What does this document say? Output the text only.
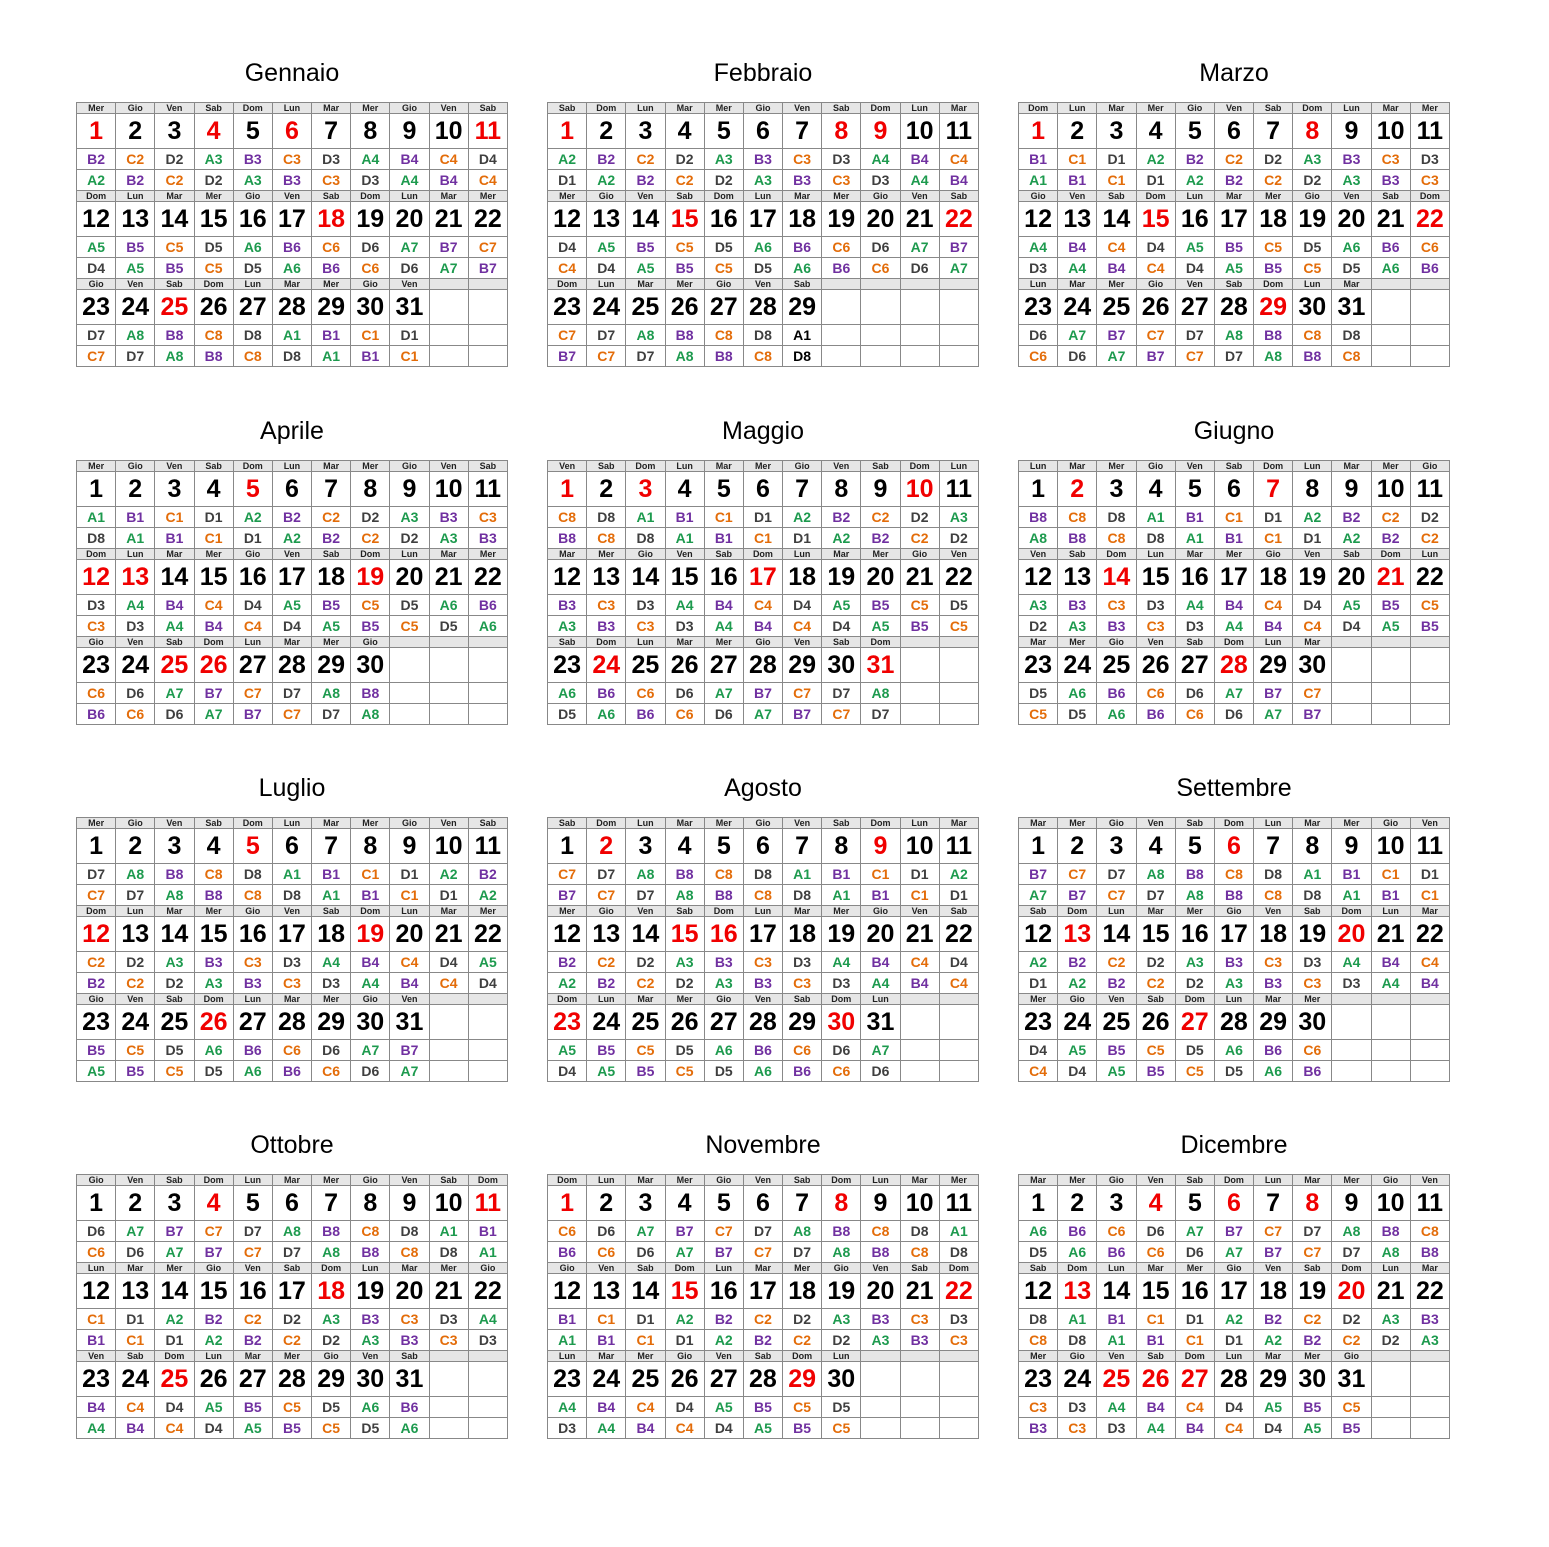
Gennaio
Mer	Gio	Ven	Sab	Dom	Lun	Mar	Mer	Gio	Ven	Sab
1	2	3	4	5	6	7	8	9	10	11
B2	C2	D2	A3	B3	C3	D3	A4	B4	C4	D4
A2	B2	C2	D2	A3	B3	C3	D3	A4	B4	C4
Dom	Lun	Mar	Mer	Gio	Ven	Sab	Dom	Lun	Mar	Mer
12	13	14	15	16	17	18	19	20	21	22
A5	B5	C5	D5	A6	B6	C6	D6	A7	B7	C7
D4	A5	B5	C5	D5	A6	B6	C6	D6	A7	B7
Gio	Ven	Sab	Dom	Lun	Mar	Mer	Gio	Ven		
23	24	25	26	27	28	29	30	31		
D7	A8	B8	C8	D8	A1	B1	C1	D1		
C7	D7	A8	B8	C8	D8	A1	B1	C1		
Febbraio
Sab	Dom	Lun	Mar	Mer	Gio	Ven	Sab	Dom	Lun	Mar
1	2	3	4	5	6	7	8	9	10	11
A2	B2	C2	D2	A3	B3	C3	D3	A4	B4	C4
D1	A2	B2	C2	D2	A3	B3	C3	D3	A4	B4
Mer	Gio	Ven	Sab	Dom	Lun	Mar	Mer	Gio	Ven	Sab
12	13	14	15	16	17	18	19	20	21	22
D4	A5	B5	C5	D5	A6	B6	C6	D6	A7	B7
C4	D4	A5	B5	C5	D5	A6	B6	C6	D6	A7
Dom	Lun	Mar	Mer	Gio	Ven	Sab				
23	24	25	26	27	28	29				
C7	D7	A8	B8	C8	D8	A1				
B7	C7	D7	A8	B8	C8	D8				
Marzo
Dom	Lun	Mar	Mer	Gio	Ven	Sab	Dom	Lun	Mar	Mer
1	2	3	4	5	6	7	8	9	10	11
B1	C1	D1	A2	B2	C2	D2	A3	B3	C3	D3
A1	B1	C1	D1	A2	B2	C2	D2	A3	B3	C3
Gio	Ven	Sab	Dom	Lun	Mar	Mer	Gio	Ven	Sab	Dom
12	13	14	15	16	17	18	19	20	21	22
A4	B4	C4	D4	A5	B5	C5	D5	A6	B6	C6
D3	A4	B4	C4	D4	A5	B5	C5	D5	A6	B6
Lun	Mar	Mer	Gio	Ven	Sab	Dom	Lun	Mar		
23	24	25	26	27	28	29	30	31		
D6	A7	B7	C7	D7	A8	B8	C8	D8		
C6	D6	A7	B7	C7	D7	A8	B8	C8		
Aprile
Mer	Gio	Ven	Sab	Dom	Lun	Mar	Mer	Gio	Ven	Sab
1	2	3	4	5	6	7	8	9	10	11
A1	B1	C1	D1	A2	B2	C2	D2	A3	B3	C3
D8	A1	B1	C1	D1	A2	B2	C2	D2	A3	B3
Dom	Lun	Mar	Mer	Gio	Ven	Sab	Dom	Lun	Mar	Mer
12	13	14	15	16	17	18	19	20	21	22
D3	A4	B4	C4	D4	A5	B5	C5	D5	A6	B6
C3	D3	A4	B4	C4	D4	A5	B5	C5	D5	A6
Gio	Ven	Sab	Dom	Lun	Mar	Mer	Gio			
23	24	25	26	27	28	29	30			
C6	D6	A7	B7	C7	D7	A8	B8			
B6	C6	D6	A7	B7	C7	D7	A8			
Maggio
Ven	Sab	Dom	Lun	Mar	Mer	Gio	Ven	Sab	Dom	Lun
1	2	3	4	5	6	7	8	9	10	11
C8	D8	A1	B1	C1	D1	A2	B2	C2	D2	A3
B8	C8	D8	A1	B1	C1	D1	A2	B2	C2	D2
Mar	Mer	Gio	Ven	Sab	Dom	Lun	Mar	Mer	Gio	Ven
12	13	14	15	16	17	18	19	20	21	22
B3	C3	D3	A4	B4	C4	D4	A5	B5	C5	D5
A3	B3	C3	D3	A4	B4	C4	D4	A5	B5	C5
Sab	Dom	Lun	Mar	Mer	Gio	Ven	Sab	Dom		
23	24	25	26	27	28	29	30	31		
A6	B6	C6	D6	A7	B7	C7	D7	A8		
D5	A6	B6	C6	D6	A7	B7	C7	D7		
Giugno
Lun	Mar	Mer	Gio	Ven	Sab	Dom	Lun	Mar	Mer	Gio
1	2	3	4	5	6	7	8	9	10	11
B8	C8	D8	A1	B1	C1	D1	A2	B2	C2	D2
A8	B8	C8	D8	A1	B1	C1	D1	A2	B2	C2
Ven	Sab	Dom	Lun	Mar	Mer	Gio	Ven	Sab	Dom	Lun
12	13	14	15	16	17	18	19	20	21	22
A3	B3	C3	D3	A4	B4	C4	D4	A5	B5	C5
D2	A3	B3	C3	D3	A4	B4	C4	D4	A5	B5
Mar	Mer	Gio	Ven	Sab	Dom	Lun	Mar			
23	24	25	26	27	28	29	30			
D5	A6	B6	C6	D6	A7	B7	C7			
C5	D5	A6	B6	C6	D6	A7	B7			
Luglio
Mer	Gio	Ven	Sab	Dom	Lun	Mar	Mer	Gio	Ven	Sab
1	2	3	4	5	6	7	8	9	10	11
D7	A8	B8	C8	D8	A1	B1	C1	D1	A2	B2
C7	D7	A8	B8	C8	D8	A1	B1	C1	D1	A2
Dom	Lun	Mar	Mer	Gio	Ven	Sab	Dom	Lun	Mar	Mer
12	13	14	15	16	17	18	19	20	21	22
C2	D2	A3	B3	C3	D3	A4	B4	C4	D4	A5
B2	C2	D2	A3	B3	C3	D3	A4	B4	C4	D4
Gio	Ven	Sab	Dom	Lun	Mar	Mer	Gio	Ven		
23	24	25	26	27	28	29	30	31		
B5	C5	D5	A6	B6	C6	D6	A7	B7		
A5	B5	C5	D5	A6	B6	C6	D6	A7		
Agosto
Sab	Dom	Lun	Mar	Mer	Gio	Ven	Sab	Dom	Lun	Mar
1	2	3	4	5	6	7	8	9	10	11
C7	D7	A8	B8	C8	D8	A1	B1	C1	D1	A2
B7	C7	D7	A8	B8	C8	D8	A1	B1	C1	D1
Mer	Gio	Ven	Sab	Dom	Lun	Mar	Mer	Gio	Ven	Sab
12	13	14	15	16	17	18	19	20	21	22
B2	C2	D2	A3	B3	C3	D3	A4	B4	C4	D4
A2	B2	C2	D2	A3	B3	C3	D3	A4	B4	C4
Dom	Lun	Mar	Mer	Gio	Ven	Sab	Dom	Lun		
23	24	25	26	27	28	29	30	31		
A5	B5	C5	D5	A6	B6	C6	D6	A7		
D4	A5	B5	C5	D5	A6	B6	C6	D6		
Settembre
Mar	Mer	Gio	Ven	Sab	Dom	Lun	Mar	Mer	Gio	Ven
1	2	3	4	5	6	7	8	9	10	11
B7	C7	D7	A8	B8	C8	D8	A1	B1	C1	D1
A7	B7	C7	D7	A8	B8	C8	D8	A1	B1	C1
Sab	Dom	Lun	Mar	Mer	Gio	Ven	Sab	Dom	Lun	Mar
12	13	14	15	16	17	18	19	20	21	22
A2	B2	C2	D2	A3	B3	C3	D3	A4	B4	C4
D1	A2	B2	C2	D2	A3	B3	C3	D3	A4	B4
Mer	Gio	Ven	Sab	Dom	Lun	Mar	Mer			
23	24	25	26	27	28	29	30			
D4	A5	B5	C5	D5	A6	B6	C6			
C4	D4	A5	B5	C5	D5	A6	B6			
Ottobre
Gio	Ven	Sab	Dom	Lun	Mar	Mer	Gio	Ven	Sab	Dom
1	2	3	4	5	6	7	8	9	10	11
D6	A7	B7	C7	D7	A8	B8	C8	D8	A1	B1
C6	D6	A7	B7	C7	D7	A8	B8	C8	D8	A1
Lun	Mar	Mer	Gio	Ven	Sab	Dom	Lun	Mar	Mer	Gio
12	13	14	15	16	17	18	19	20	21	22
C1	D1	A2	B2	C2	D2	A3	B3	C3	D3	A4
B1	C1	D1	A2	B2	C2	D2	A3	B3	C3	D3
Ven	Sab	Dom	Lun	Mar	Mer	Gio	Ven	Sab		
23	24	25	26	27	28	29	30	31		
B4	C4	D4	A5	B5	C5	D5	A6	B6		
A4	B4	C4	D4	A5	B5	C5	D5	A6		
Novembre
Dom	Lun	Mar	Mer	Gio	Ven	Sab	Dom	Lun	Mar	Mer
1	2	3	4	5	6	7	8	9	10	11
C6	D6	A7	B7	C7	D7	A8	B8	C8	D8	A1
B6	C6	D6	A7	B7	C7	D7	A8	B8	C8	D8
Gio	Ven	Sab	Dom	Lun	Mar	Mer	Gio	Ven	Sab	Dom
12	13	14	15	16	17	18	19	20	21	22
B1	C1	D1	A2	B2	C2	D2	A3	B3	C3	D3
A1	B1	C1	D1	A2	B2	C2	D2	A3	B3	C3
Lun	Mar	Mer	Gio	Ven	Sab	Dom	Lun			
23	24	25	26	27	28	29	30			
A4	B4	C4	D4	A5	B5	C5	D5			
D3	A4	B4	C4	D4	A5	B5	C5			
Dicembre
Mar	Mer	Gio	Ven	Sab	Dom	Lun	Mar	Mer	Gio	Ven
1	2	3	4	5	6	7	8	9	10	11
A6	B6	C6	D6	A7	B7	C7	D7	A8	B8	C8
D5	A6	B6	C6	D6	A7	B7	C7	D7	A8	B8
Sab	Dom	Lun	Mar	Mer	Gio	Ven	Sab	Dom	Lun	Mar
12	13	14	15	16	17	18	19	20	21	22
D8	A1	B1	C1	D1	A2	B2	C2	D2	A3	B3
C8	D8	A1	B1	C1	D1	A2	B2	C2	D2	A3
Mer	Gio	Ven	Sab	Dom	Lun	Mar	Mer	Gio		
23	24	25	26	27	28	29	30	31		
C3	D3	A4	B4	C4	D4	A5	B5	C5		
B3	C3	D3	A4	B4	C4	D4	A5	B5		
